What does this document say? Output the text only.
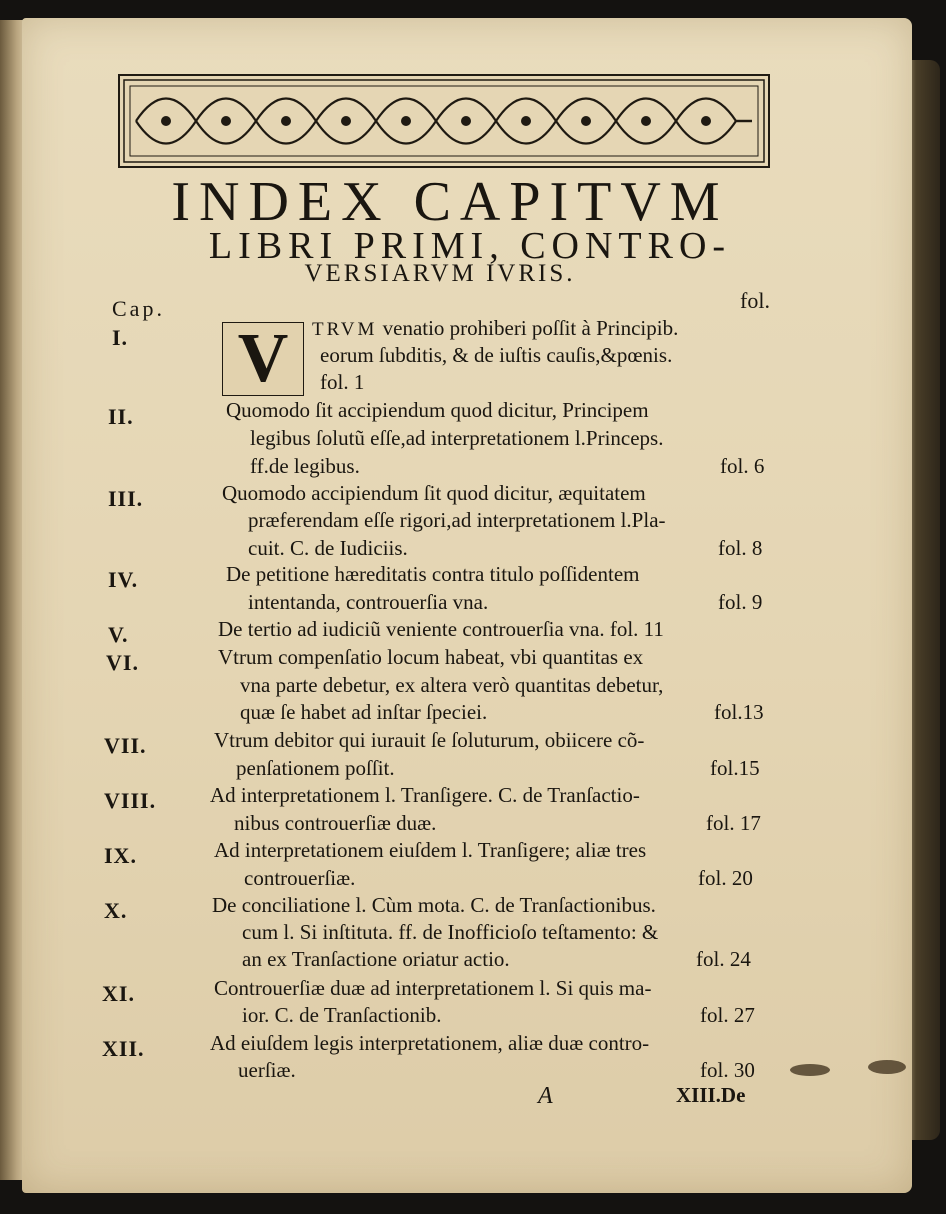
INDEX CAPITVM
LIBRI PRIMI, CONTRO-
VERSIARVM IVRIS.
Cap.	fol.
I. V	TRVM venatio prohiberi poſſit à Principib.
eorum ſubditis, & de iuſtis cauſis,&pœnis.
fol. 1
II.	Quomodo ſit accipiendum quod dicitur, Principem
legibus ſolutũ eſſe,ad interpretationem l.Princeps.
ff.de legibus.	fol. 6
III.	Quomodo accipiendum ſit quod dicitur, æquitatem
præferendam eſſe rigori,ad interpretationem l.Pla-
cuit. C. de Iudiciis.	fol. 8
IV.	De petitione hæreditatis contra titulo poſſidentem
intentanda, controuerſia vna.	fol. 9
V.	De tertio ad iudiciũ veniente controuerſia vna. fol. 11
VI.	Vtrum compenſatio locum habeat, vbi quantitas ex
vna parte debetur, ex altera verò quantitas debetur,
quæ ſe habet ad inſtar ſpeciei.	fol.13
VII.	Vtrum debitor qui iurauit ſe ſoluturum, obiicere cõ-
penſationem poſſit.	fol.15
VIII.	Ad interpretationem l. Tranſigere. C. de Tranſactio-
nibus controuerſiæ duæ.	fol. 17
IX.	Ad interpretationem eiuſdem l. Tranſigere; aliæ tres
controuerſiæ.	fol. 20
X.	De conciliatione l. Cùm mota. C. de Tranſactionibus.
cum l. Si inſtituta. ff. de Inofficioſo teſtamento: &
an ex Tranſactione oriatur actio.	fol. 24
XI.	Controuerſiæ duæ ad interpretationem l. Si quis ma-
ior. C. de Tranſactionib.	fol. 27
XII.	Ad eiuſdem legis interpretationem, aliæ duæ contro-
uerſiæ.	fol. 30
A	XIII.De
